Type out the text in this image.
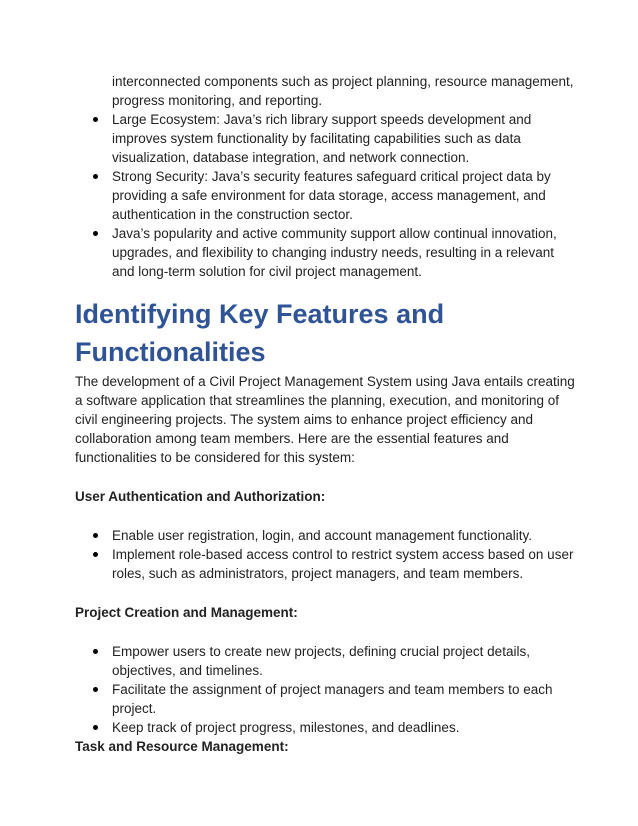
interconnected components such as project planning, resource management, progress monitoring, and reporting.

Large Ecosystem: Java’s rich library support speeds development and improves system functionality by facilitating capabilities such as data visualization, database integration, and network connection.
Strong Security: Java’s security features safeguard critical project data by providing a safe environment for data storage, access management, and authentication in the construction sector.
Java’s popularity and active community support allow continual innovation, upgrades, and flexibility to changing industry needs, resulting in a relevant and long-term solution for civil project management.
Identifying Key Features and Functionalities

The development of a Civil Project Management System using Java entails creating a software application that streamlines the planning, execution, and monitoring of civil engineering projects. The system aims to enhance project efficiency and collaboration among team members. Here are the essential features and functionalities to be considered for this system:

User Authentication and Authorization:

Enable user registration, login, and account management functionality.
Implement role-based access control to restrict system access based on user roles, such as administrators, project managers, and team members.

Project Creation and Management:

Empower users to create new projects, defining crucial project details, objectives, and timelines.
Facilitate the assignment of project managers and team members to each project.
Keep track of project progress, milestones, and deadlines.

Task and Resource Management:
